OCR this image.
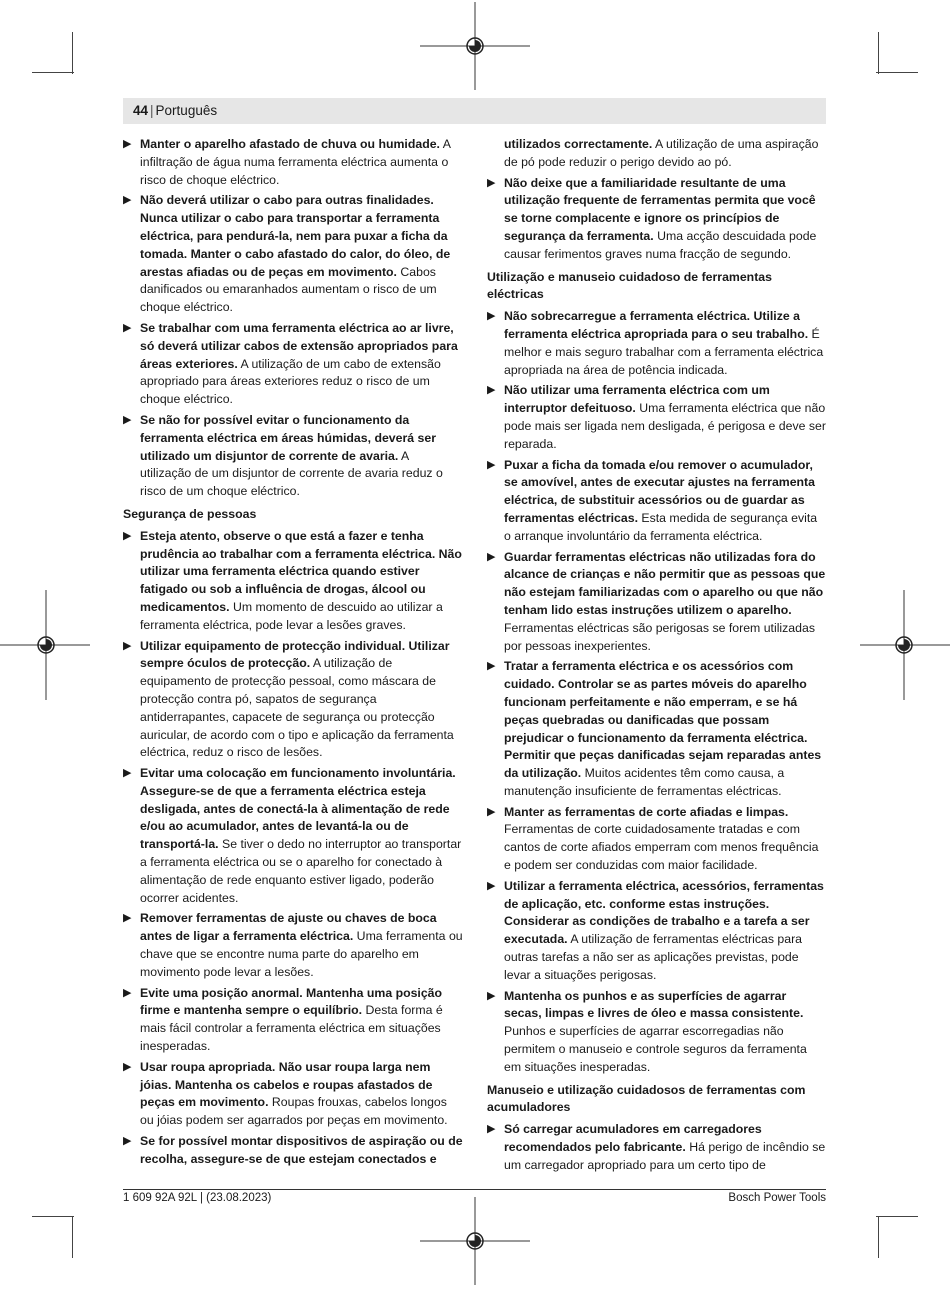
44 | Português
▶ Manter o aparelho afastado de chuva ou humidade. A infiltração de água numa ferramenta eléctrica aumenta o risco de choque eléctrico.
▶ Não deverá utilizar o cabo para outras finalidades. Nunca utilizar o cabo para transportar a ferramenta eléctrica, para pendurá-la, nem para puxar a ficha da tomada. Manter o cabo afastado do calor, do óleo, de arestas afiadas ou de peças em movimento. Cabos danificados ou emaranhados aumentam o risco de um choque eléctrico.
▶ Se trabalhar com uma ferramenta eléctrica ao ar livre, só deverá utilizar cabos de extensão apropriados para áreas exteriores. A utilização de um cabo de extensão apropriado para áreas exteriores reduz o risco de um choque eléctrico.
▶ Se não for possível evitar o funcionamento da ferramenta eléctrica em áreas húmidas, deverá ser utilizado um disjuntor de corrente de avaria. A utilização de um disjuntor de corrente de avaria reduz o risco de um choque eléctrico.
Segurança de pessoas
▶ Esteja atento, observe o que está a fazer e tenha prudência ao trabalhar com a ferramenta eléctrica. Não utilizar uma ferramenta eléctrica quando estiver fatigado ou sob a influência de drogas, álcool ou medicamentos. Um momento de descuido ao utilizar a ferramenta eléctrica, pode levar a lesões graves.
▶ Utilizar equipamento de protecção individual. Utilizar sempre óculos de protecção. A utilização de equipamento de protecção pessoal, como máscara de protecção contra pó, sapatos de segurança antiderrapantes, capacete de segurança ou protecção auricular, de acordo com o tipo e aplicação da ferramenta eléctrica, reduz o risco de lesões.
▶ Evitar uma colocação em funcionamento involuntária. Assegure-se de que a ferramenta eléctrica esteja desligada, antes de conectá-la à alimentação de rede e/ou ao acumulador, antes de levantá-la ou de transportá-la. Se tiver o dedo no interruptor ao transportar a ferramenta eléctrica ou se o aparelho for conectado à alimentação de rede enquanto estiver ligado, poderão ocorrer acidentes.
▶ Remover ferramentas de ajuste ou chaves de boca antes de ligar a ferramenta eléctrica. Uma ferramenta ou chave que se encontre numa parte do aparelho em movimento pode levar a lesões.
▶ Evite uma posição anormal. Mantenha uma posição firme e mantenha sempre o equilíbrio. Desta forma é mais fácil controlar a ferramenta eléctrica em situações inesperadas.
▶ Usar roupa apropriada. Não usar roupa larga nem jóias. Mantenha os cabelos e roupas afastados de peças em movimento. Roupas frouxas, cabelos longos ou jóias podem ser agarrados por peças em movimento.
▶ Se for possível montar dispositivos de aspiração ou de recolha, assegure-se de que estejam conectados e
utilizados correctamente. A utilização de uma aspiração de pó pode reduzir o perigo devido ao pó.
▶ Não deixe que a familiaridade resultante de uma utilização frequente de ferramentas permita que você se torne complacente e ignore os princípios de segurança da ferramenta. Uma acção descuidada pode causar ferimentos graves numa fracção de segundo.
Utilização e manuseio cuidadoso de ferramentas eléctricas
▶ Não sobrecarregue a ferramenta eléctrica. Utilize a ferramenta eléctrica apropriada para o seu trabalho. É melhor e mais seguro trabalhar com a ferramenta eléctrica apropriada na área de potência indicada.
▶ Não utilizar uma ferramenta eléctrica com um interruptor defeituoso. Uma ferramenta eléctrica que não pode mais ser ligada nem desligada, é perigosa e deve ser reparada.
▶ Puxar a ficha da tomada e/ou remover o acumulador, se amovível, antes de executar ajustes na ferramenta eléctrica, de substituir acessórios ou de guardar as ferramentas eléctricas. Esta medida de segurança evita o arranque involuntário da ferramenta eléctrica.
▶ Guardar ferramentas eléctricas não utilizadas fora do alcance de crianças e não permitir que as pessoas que não estejam familiarizadas com o aparelho ou que não tenham lido estas instruções utilizem o aparelho. Ferramentas eléctricas são perigosas se forem utilizadas por pessoas inexperientes.
▶ Tratar a ferramenta eléctrica e os acessórios com cuidado. Controlar se as partes móveis do aparelho funcionam perfeitamente e não emperram, e se há peças quebradas ou danificadas que possam prejudicar o funcionamento da ferramenta eléctrica. Permitir que peças danificadas sejam reparadas antes da utilização. Muitos acidentes têm como causa, a manutenção insuficiente de ferramentas eléctricas.
▶ Manter as ferramentas de corte afiadas e limpas. Ferramentas de corte cuidadosamente tratadas e com cantos de corte afiados emperram com menos frequência e podem ser conduzidas com maior facilidade.
▶ Utilizar a ferramenta eléctrica, acessórios, ferramentas de aplicação, etc. conforme estas instruções. Considerar as condições de trabalho e a tarefa a ser executada. A utilização de ferramentas eléctricas para outras tarefas a não ser as aplicações previstas, pode levar a situações perigosas.
▶ Mantenha os punhos e as superfícies de agarrar secas, limpas e livres de óleo e massa consistente. Punhos e superfícies de agarrar escorregadias não permitem o manuseio e controle seguros da ferramenta em situações inesperadas.
Manuseio e utilização cuidadosos de ferramentas com acumuladores
▶ Só carregar acumuladores em carregadores recomendados pelo fabricante. Há perigo de incêndio se um carregador apropriado para um certo tipo de
1 609 92A 92L | (23.08.2023)	Bosch Power Tools
